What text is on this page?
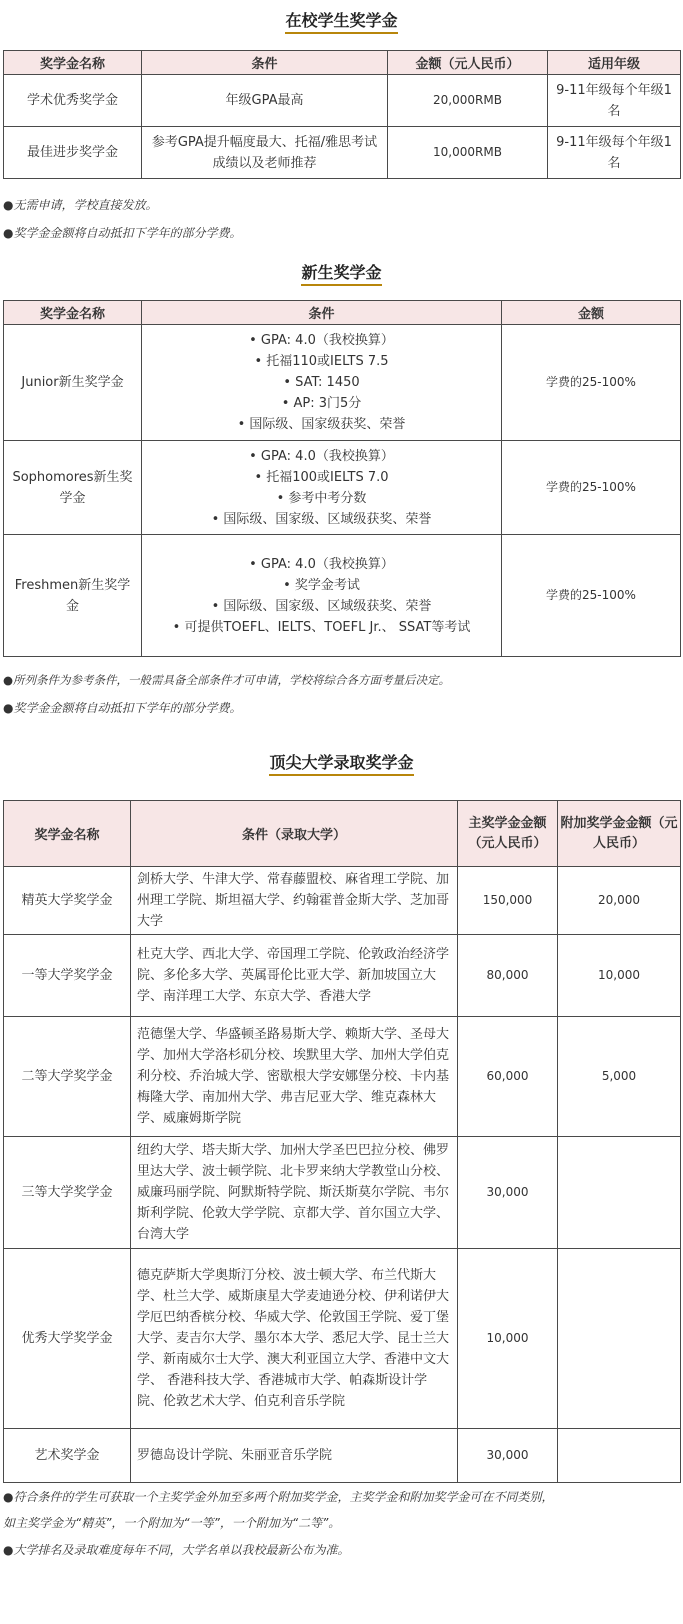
在校学生奖学金
奖学金名称	条件	金额（元人民币）	适用年级
学术优秀奖学金	年级GPA最高	20,000RMB	9-11年级每个年级1名
最佳进步奖学金	参考GPA提升幅度最大、托福/雅思考试成绩以及老师推荐	10,000RMB	9-11年级每个年级1名
●无需申请，学校直接发放。
●奖学金金额将自动抵扣下学年的部分学费。
新生奖学金
奖学金名称	条件	金额
Junior新生奖学金	• GPA: 4.0（我校换算）
• 托福110或IELTS 7.5
• SAT: 1450
• AP: 3门5分
• 国际级、国家级获奖、荣誉	学费的25-100%
Sophomores新生奖学金	• GPA: 4.0（我校换算）
• 托福100或IELTS 7.0
• 参考中考分数
• 国际级、国家级、区域级获奖、荣誉	学费的25-100%
Freshmen新生奖学金	• GPA: 4.0（我校换算）
• 奖学金考试
• 国际级、国家级、区域级获奖、荣誉
• 可提供TOEFL、IELTS、TOEFL Jr.、 SSAT等考试	学费的25-100%
●所列条件为参考条件，一般需具备全部条件才可申请，学校将综合各方面考量后决定。
●奖学金金额将自动抵扣下学年的部分学费。
顶尖大学录取奖学金
奖学金名称	条件（录取大学）	主奖学金金额（元人民币）	附加奖学金金额（元人民币）
精英大学奖学金	剑桥大学、牛津大学、常春藤盟校、麻省理工学院、加州理工学院、斯坦福大学、约翰霍普金斯大学、芝加哥大学	150,000	20,000
一等大学奖学金	杜克大学、西北大学、帝国理工学院、伦敦政治经济学院、多伦多大学、英属哥伦比亚大学、新加坡国立大学、南洋理工大学、东京大学、香港大学	80,000	10,000
二等大学奖学金	范德堡大学、华盛顿圣路易斯大学、赖斯大学、圣母大学、加州大学洛杉矶分校、埃默里大学、加州大学伯克利分校、乔治城大学、密歇根大学安娜堡分校、卡内基梅隆大学、南加州大学、弗吉尼亚大学、维克森林大学、威廉姆斯学院	60,000	5,000
三等大学奖学金	纽约大学、塔夫斯大学、加州大学圣巴巴拉分校、佛罗里达大学、波士顿学院、北卡罗来纳大学教堂山分校、威廉玛丽学院、阿默斯特学院、斯沃斯莫尔学院、韦尔斯利学院、伦敦大学学院、京都大学、首尔国立大学、台湾大学	30,000	
优秀大学奖学金	德克萨斯大学奥斯汀分校、波士顿大学、布兰代斯大学、杜兰大学、威斯康星大学麦迪逊分校、伊利诺伊大学厄巴纳香槟分校、华威大学、伦敦国王学院、爱丁堡大学、麦吉尔大学、墨尔本大学、悉尼大学、昆士兰大学、新南威尔士大学、澳大利亚国立大学、香港中文大学、 香港科技大学、香港城市大学、帕森斯设计学院、伦敦艺术大学、伯克利音乐学院	10,000	
艺术奖学金	罗德岛设计学院、朱丽亚音乐学院	30,000	
●符合条件的学生可获取一个主奖学金外加至多两个附加奖学金，主奖学金和附加奖学金可在不同类别，
如主奖学金为“精英”，一个附加为“一等”，一个附加为“二等”。
●大学排名及录取难度每年不同，大学名单以我校最新公布为准。
